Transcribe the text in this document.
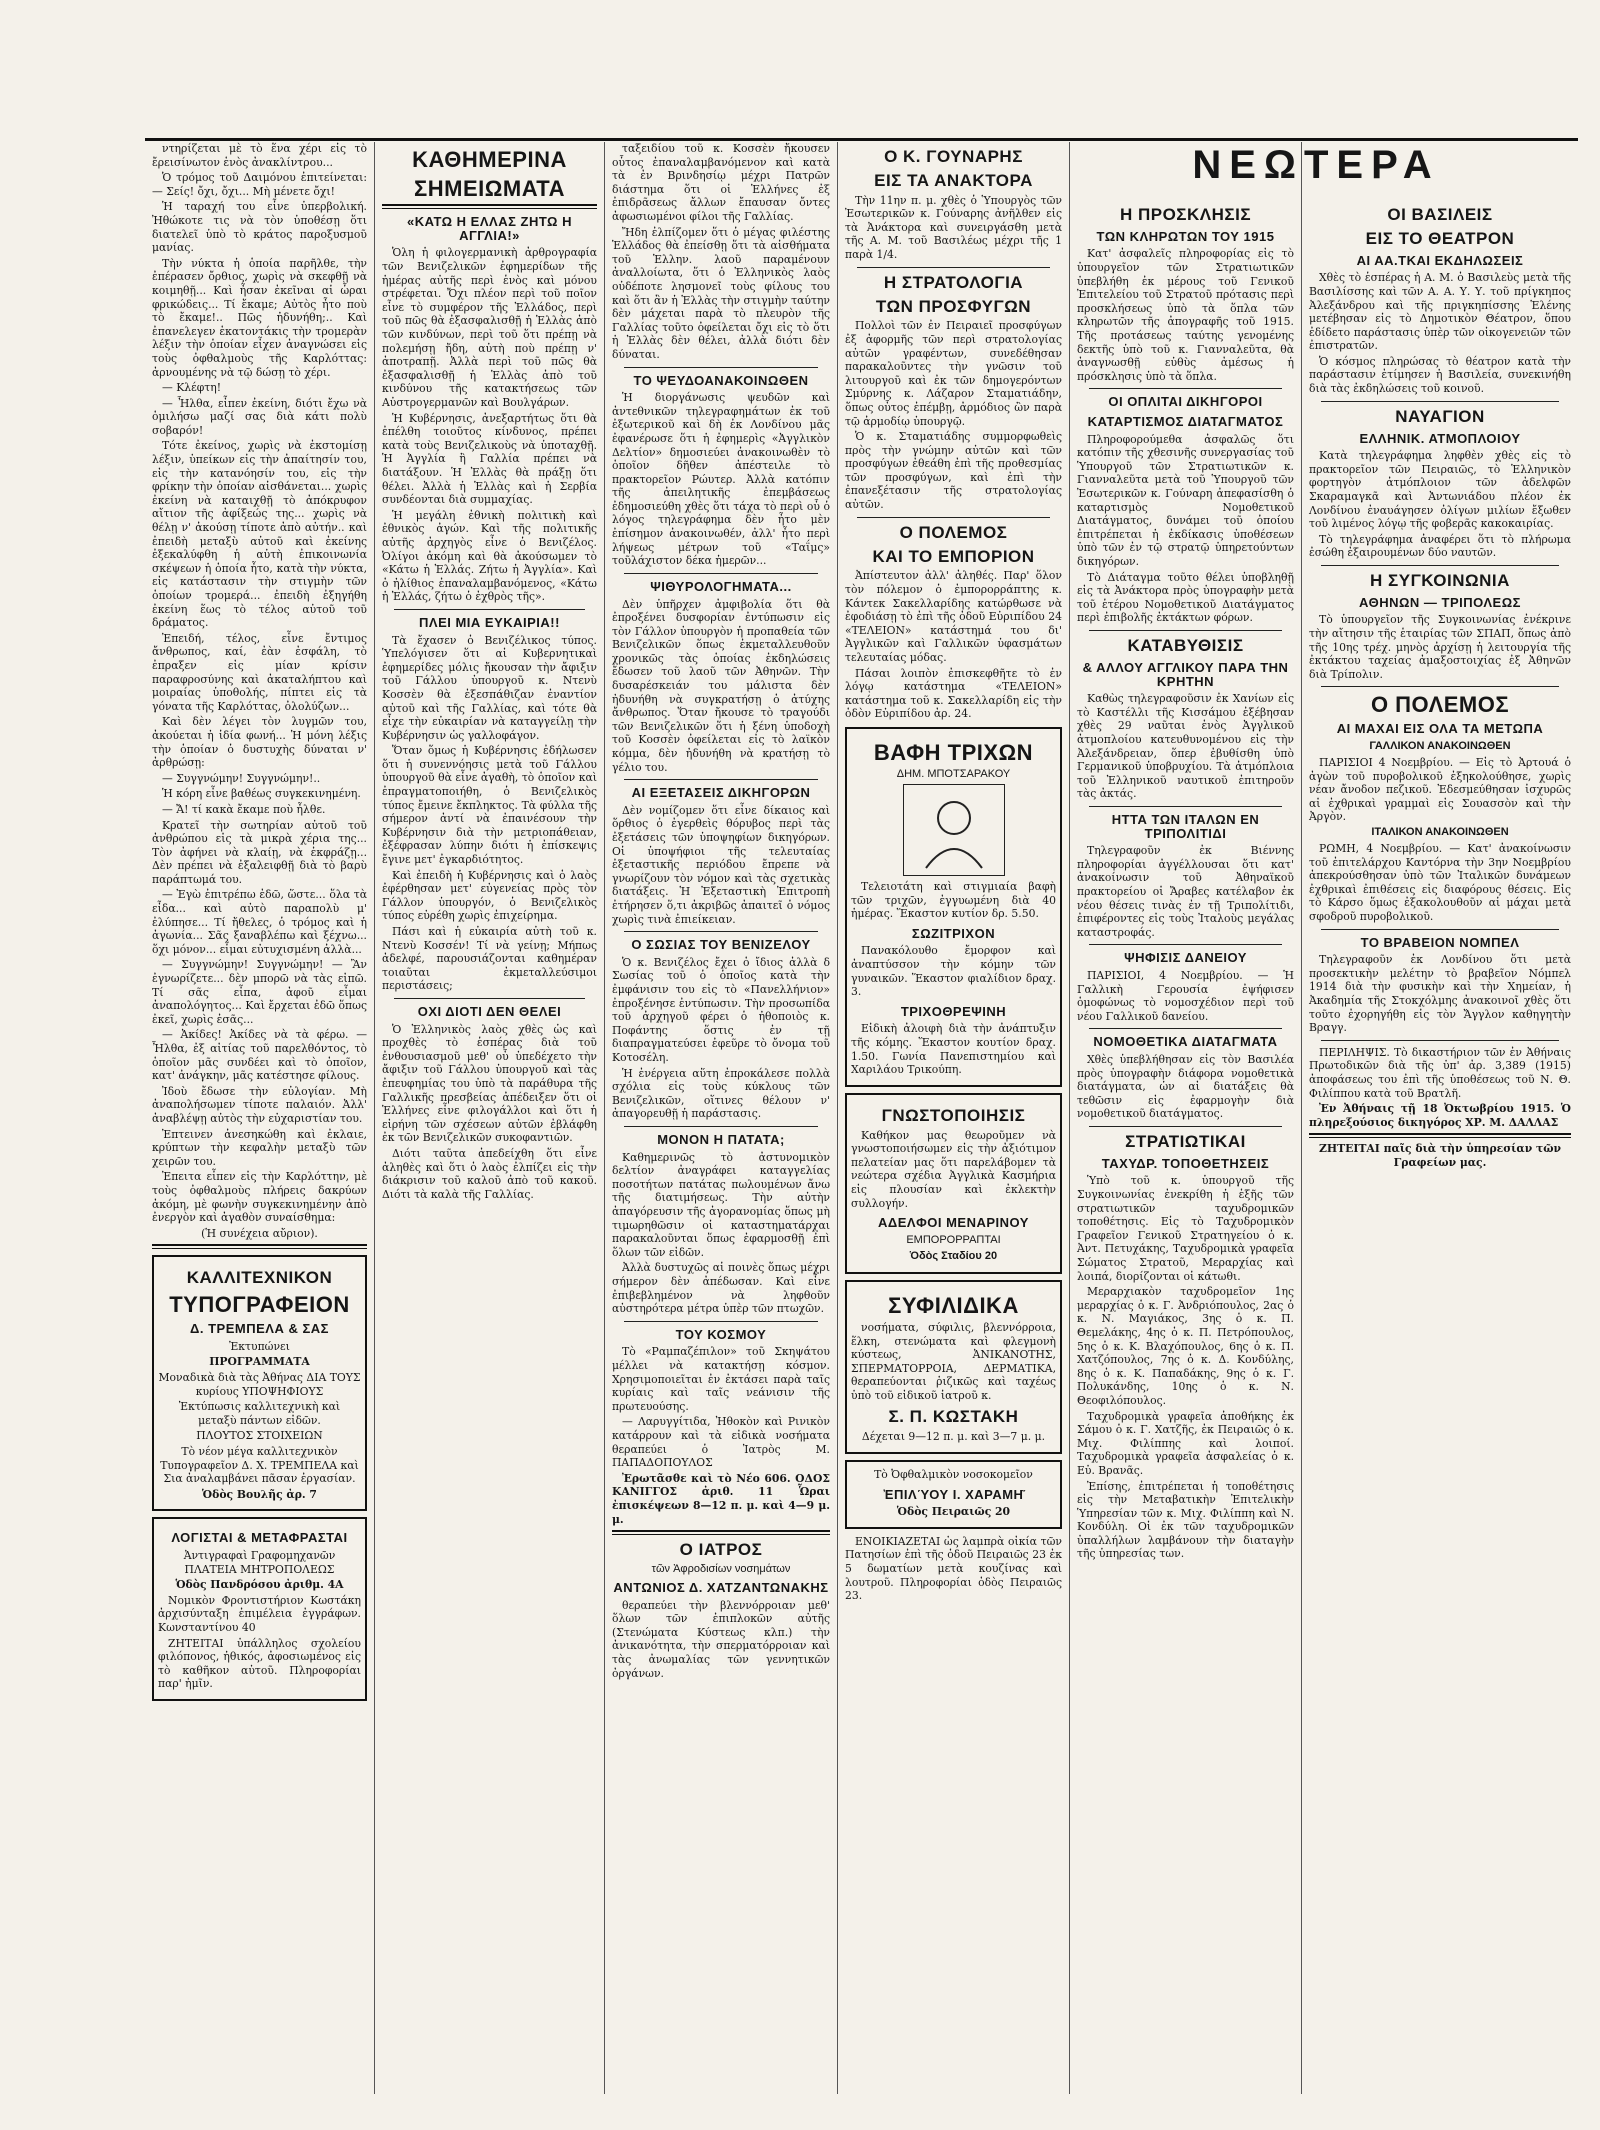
ΝΕΩΤΕΡΑ

ντηρίζεται μὲ τὸ ἕνα χέρι εἰς τὸ ἔρεισίνωτον ἑνὸς ἀνακλίντρου...

Ὁ τρόμος τοῦ Δαιμόνου ἐπιτείνεται: — Σείς! ὄχι, ὄχι... Μὴ μένετε ὄχι!

Ἡ ταραχή του εἶνε ὑπερβολική. Ἠθώκοτε τις νὰ τὸν ὑποθέσῃ ὅτι διατελεῖ ὑπὸ τὸ κράτος παροξυσμοῦ μανίας.

Τὴν νύκτα ἡ ὁποία παρῆλθε, τὴν ἐπέρασεν ὄρθιος, χωρὶς νὰ σκεφθῇ νὰ κοιμηθῇ... Καὶ ἦσαν ἐκεῖναι αἱ ὧραι φρικώδεις... Τί ἔκαμε; Αὐτὸς ἦτο ποὺ τὸ ἔκαμε!.. Πῶς ἠδυνήθη;.. Καὶ ἐπανελεγεν ἑκατοντάκις τὴν τρομερὰν λέξιν τὴν ὁποίαν εἶχεν ἀναγνώσει εἰς τοὺς ὀφθαλμοὺς τῆς Καρλόττας: ἀρνουμένης νὰ τῷ δώσῃ τὸ χέρι.

— Κλέφτη!

— Ἦλθα, εἶπεν ἐκείνη, διότι ἔχω νὰ ὁμιλήσω μαζί σας διὰ κάτι πολὺ σοβαρόν!

Τότε ἐκείνος, χωρὶς νὰ ἐκστομίσῃ λέξιν, ὑπείκων εἰς τὴν ἀπαίτησίν του, εἰς τὴν κατανόησίν του, εἰς τὴν φρίκην τὴν ὁποίαν αἰσθάνεται... χωρὶς ἐκείνη νὰ καταιχθῇ τὸ ἀπόκρυφον αἴτιον τῆς ἀφίξεώς της... χωρὶς νὰ θέλῃ ν' ἀκούσῃ τίποτε ἀπὸ αὐτήν.. καὶ ἐπειδὴ μεταξὺ αὐτοῦ καὶ ἐκείνης ἐξεκαλύφθη ἡ αὐτὴ ἐπικοινωνία σκέψεων ἡ ὁποία ἦτο, κατὰ τὴν νύκτα, εἰς κατάστασιν τὴν στιγμὴν τῶν ὁποίων τρομερά... ἐπειδὴ ἐξηγήθη ἐκείνη ἕως τὸ τέλος αὐτοῦ τοῦ δράματος.

Ἐπειδή, τέλος, εἶνε ἔντιμος ἄνθρωπος, καί, ἐὰν ἐσφάλη, τὸ ἐπραξεν εἰς μίαν κρίσιν παραφροσύνης καὶ ἀκαταλήπτου καὶ μοιραίας ὑποθολής, πίπτει εἰς τὰ γόνατα τῆς Καρλόττας, ὀλολύζων...

Καὶ δὲν λέγει τὸν λυγμῶν του, ἀκούεται ἡ ἰδία φωνή... Ἡ μόνη λέξις τὴν ὁποίαν ὁ δυστυχὴς δύναται ν' ἀρθρώσῃ:

— Συγγνώμην! Συγγνώμην!..

Ἡ κόρη εἶνε βαθέως συγκεκινημένη.

— Ἄ! τί κακὰ ἔκαμε ποὺ ἦλθε.

Κρατεῖ τὴν σωτηρίαν αὐτοῦ τοῦ ἀνθρώπου εἰς τὰ μικρὰ χέρια της... Τὸν ἀφήνει νὰ κλαίῃ, νὰ ἐκφράζῃ... Δὲν πρέπει νὰ ἐξαλειφθῇ διὰ τὸ βαρὺ παράπτωμά του.

— Ἐγὼ ἐπιτρέπω ἐδῶ, ὥστε... ὅλα τὰ εἶδα... καὶ αὐτὸ παραπολὺ μ' ἐλύπησε... Τί ἤθελες, ὁ τρόμος καὶ ἡ ἀγωνία... Σᾶς ξαναβλέπω καὶ ξέχνω... ὅχι μόνον... εἶμαι εὐτυχισμένη ἀλλὰ...

— Συγγνώμην! Συγγνώμην! — Ἂν ἐγνωρίζετε... δὲν μπορῶ νὰ τὰς εἰπῶ. Τί σᾶς εἶπα, ἀφοῦ εἶμαι ἀναπολόγητος... Καὶ ἔρχεται ἐδῶ ὅπως ἐκεῖ, χωρὶς ἐσᾶς...

— Ἀκίδες! Ἀκίδες νὰ τὰ φέρω. — Ἦλθα, ἐξ αἰτίας τοῦ παρελθόντος, τὸ ὁποῖον μᾶς συνδέει καὶ τὸ ὁποῖον, κατ' ἀνάγκην, μᾶς κατέστησε φίλους.

Ἰδοὺ ἔδωσε τὴν εὐλογίαν. Μὴ ἀναπολήσωμεν τίποτε παλαιόν. Ἀλλ' ἀναβλέψῃ αὐτὸς τὴν εὐχαριστίαν του.

Ἐπτεινεν ἀνεσηκώθη καὶ ἐκλαιε, κρύπτων τὴν κεφαλὴν μεταξὺ τῶν χειρῶν του.

Ἐπειτα εἶπεν εἰς τὴν Καρλόττην, μὲ τοὺς ὀφθαλμοὺς πλήρεις δακρύων ἀκόμη, μὲ φωνὴν συγκεκινημένην ἀπὸ ἐνεργὸν καὶ ἀγαθὸν συναίσθημα:

(Ἡ συνέχεια αὔριον).

ΚΑΛΛΙΤΕΧΝΙΚΟΝ
ΤΥΠΟΓΡΑΦΕΙΟΝ
Δ. ΤΡΕΜΠΕΛΑ & ΣΑΣ

Ἐκτυπώνει

ΠΡΟΓΡΑΜΜΑΤΑ

Μοναδικὰ διὰ τὰς Ἀθήνας ΔΙΑ ΤΟΥΣ κυρίους ΥΠΟΨΗΦΙΟΥΣ

Ἐκτύπωσις καλλιτεχνικὴ καὶ μεταξὺ πάντων εἰδῶν.

ΠΛΟΥΤΟΣ ΣΤΟΙΧΕΙΩΝ

Τὸ νέον μέγα καλλιτεχνικὸν Τυπογραφεῖον Δ. Χ. ΤΡΕΜΠΕΛΑ καὶ Σια ἀναλαμβάνει πᾶσαν ἐργασίαν.

Ὁδὸς Βουλῆς ἀρ. 7

ΛΟΓΙΣΤΑΙ & ΜΕΤΑΦΡΑΣΤΑΙ

Ἀντιγραφαὶ Γραφομηχανῶν ΠΛΑΤΕΙΑ ΜΗΤΡΟΠΟΛΕΩΣ

Ὁδὸς Πανδρόσου ἀριθμ. 4Α

Νομικὸν Φροντιστήριον Κωστάκη ἀρχισύνταξη ἐπιμέλεια ἐγγράφων. Κωνσταντίνου 40

ΖΗΤΕΙΤΑΙ ὑπάλληλος σχολείου φιλόπονος, ἠθικός, ἀφοσιωμένος εἰς τὸ καθῆκον αὐτοῦ. Πληροφορίαι παρ' ἡμῖν.

ΚΑΘΗΜΕΡΙΝΑ
ΣΗΜΕΙΩΜΑΤΑ
«ΚΑΤΩ Η ΕΛΛΑΣ ΖΗΤΩ Η ΑΓΓΛΙΑ!»

Ὁλη ἡ φιλογερμανικὴ ἀρθρογραφία τῶν Βενιζελικῶν ἐφημερίδων τῆς ἡμέρας αὐτῆς περὶ ἑνὸς καὶ μόνου στρέφεται. Ὄχι πλέον περὶ τοῦ ποῖον εἶνε τὸ συμφέρον τῆς Ἑλλάδος, περὶ τοῦ πῶς θὰ ἐξασφαλισθῇ ἡ Ἑλλὰς ἀπὸ τῶν κινδύνων, περὶ τοῦ ὅτι πρέπῃ νὰ πολεμήσῃ ἤδη, αὐτὴ ποὺ πρέπῃ ν' ἀποτραπῇ. Ἀλλὰ περὶ τοῦ πῶς θὰ ἐξασφαλισθῇ ἡ Ἑλλὰς ἀπὸ τοῦ κινδύνου τῆς κατακτήσεως τῶν Αὐστρογερμανῶν καὶ Βουλγάρων.

Ἡ Κυβέρνησις, ἀνεξαρτήτως ὅτι θὰ ἐπέλθη τοιοῦτος κίνδυνος, πρέπει κατὰ τοὺς Βενιζελικοὺς νὰ ὑποταχθῇ. Ἡ Ἀγγλία ἢ Γαλλία πρέπει νὰ διατάξουν. Ἡ Ἑλλὰς θὰ πράξῃ ὅτι θέλει. Ἀλλὰ ἡ Ἑλλὰς καὶ ἡ Σερβία συνδέονται διὰ συμμαχίας.

Ἡ μεγάλη ἐθνικὴ πολιτικὴ καὶ ἐθνικὸς ἀγών. Καὶ τῆς πολιτικῆς αὐτῆς ἀρχηγὸς εἶνε ὁ Βενιζέλος. Ὀλίγοι ἀκόμη καὶ θὰ ἀκούσωμεν τὸ «Κάτω ἡ Ἑλλάς. Ζήτω ἡ Ἀγγλία». Καὶ ὁ ἠλίθιος ἐπαναλαμβανόμενος, «Κάτω ἡ Ἑλλάς, ζήτω ὁ ἐχθρὸς τῆς».

ΠΛΕΙ ΜΙΑ ΕΥΚΑΙΡΙΑ!!

Τὰ ἔχασεν ὁ Βενιζέλικος τύπος. Ὑπελόγισεν ὅτι αἱ Κυβερνητικαὶ ἐφημερίδες μόλις ἤκουσαν τὴν ἄφιξιν τοῦ Γάλλου ὑπουργοῦ κ. Ντενὺ Κοσσὲν θὰ ἐξεσπάθιζαν ἐναντίον αὐτοῦ καὶ τῆς Γαλλίας, καὶ τότε θὰ εἶχε τὴν εὐκαιρίαν νὰ καταγγείλῃ τὴν Κυβέρνησιν ὡς γαλλοφάγον.

Ὅταν ὅμως ἡ Κυβέρνησις ἐδήλωσεν ὅτι ἡ συνεννόησις μετὰ τοῦ Γάλλου ὑπουργοῦ θὰ εἶνε ἀγαθὴ, τὸ ὁποῖον καὶ ἐπραγματοποιήθη, ὁ Βενιζελικὸς τύπος ἔμεινε ἔκπληκτος. Τὰ φύλλα τῆς σήμερον ἀντί νὰ ἐπαινέσουν τὴν Κυβέρνησιν διὰ τὴν μετριοπάθειαν, ἐξέφρασαν λύπην διότι ἡ ἐπίσκεψις ἔγινε μετ' ἐγκαρδιότητος.

Καὶ ἐπειδὴ ἡ Κυβέρνησις καὶ ὁ λαὸς ἐφέρθησαν μετ' εὐγενείας πρὸς τὸν Γάλλον ὑπουργόν, ὁ Βενιζελικὸς τύπος εὑρέθη χωρὶς ἐπιχείρημα.

Πάσι καὶ ἡ εὐκαιρία αὐτὴ τοῦ κ. Ντενὺ Κοσσέν! Τί νὰ γείνῃ; Μήπως ἀδελφέ, παρουσιάζονται καθημέραν τοιαῦται ἐκμεταλλεύσιμοι περιστάσεις;

ΟΧΙ ΔΙΟΤΙ ΔΕΝ ΘΕΛΕΙ

Ὁ Ἑλληνικὸς λαὸς χθὲς ὡς καὶ προχθὲς τὸ ἑσπέρας διὰ τοῦ ἐνθουσιασμοῦ μεθ' οὗ ὑπεδέχετο τὴν ἄφιξιν τοῦ Γάλλου ὑπουργοῦ καὶ τὰς ἐπευφημίας του ὑπὸ τὰ παράθυρα τῆς Γαλλικῆς πρεσβείας ἀπέδειξεν ὅτι οἱ Ἑλλήνες εἶνε φιλογάλλοι καὶ ὅτι ἡ εἰρήνη τῶν σχέσεων αὐτῶν ἐβλάφθη ἐκ τῶν Βενιζελικῶν συκοφαντιῶν.

Διότι ταῦτα ἀπεδείχθη ὅτι εἶνε ἀληθὲς καὶ ὅτι ὁ λαὸς ἐλπίζει εἰς τὴν διάκρισιν τοῦ καλοῦ ἀπὸ τοῦ κακοῦ. Διότι τὰ καλὰ τῆς Γαλλίας.

ταξειδίου τοῦ κ. Κοσσὲν ἤκουσεν οὗτος ἐπαναλαμβανόμενον καὶ κατὰ τὰ ἐν Βρινδησίῳ μέχρι Πατρῶν διάστημα ὅτι οἱ Ἑλλήνες ἐξ ἐπιδρᾶσεως ἄλλων ἔπαυσαν ὄντες ἀφωσιωμένοι φίλοι τῆς Γαλλίας.

Ἤδη ἐλπίζομεν ὅτι ὁ μέγας φιλέστης Ἑλλάδος θὰ ἐπείσθῃ ὅτι τὰ αἰσθήματα τοῦ Ἑλλην. λαοῦ παραμένουν ἀναλλοίωτα, ὅτι ὁ Ἑλληνικὸς λαὸς οὐδέποτε λησμονεῖ τοὺς φίλους του καὶ ὅτι ἂν ἡ Ἑλλὰς τὴν στιγμὴν ταύτην δὲν μάχεται παρὰ τὸ πλευρὸν τῆς Γαλλίας τοῦτο ὀφείλεται ὄχι εἰς τὸ ὅτι ἡ Ἑλλὰς δὲν θέλει, ἀλλὰ διότι δὲν δύναται.

ΤΟ ΨΕΥΔΟΑΝΑΚΟΙΝΩΘΕΝ

Ἡ διοργάνωσις ψευδῶν καὶ ἀντεθνικῶν τηλεγραφημάτων ἐκ τοῦ ἐξωτερικοῦ καὶ δὴ ἐκ Λονδίνου μᾶς ἐφανέρωσε ὅτι ἡ ἐφημερὶς «Ἀγγλικὸν Δελτίον» δημοσιεύει ἀνακοινωθὲν τὸ ὁποῖον δῆθεν ἀπέστειλε τὸ πρακτορεῖον Ρώυτερ. Ἀλλὰ κατόπιν τῆς ἀπειλητικῆς ἐπεμβάσεως ἐδημοσιεύθη χθὲς ὅτι τάχα τὸ περὶ οὗ ὁ λόγος τηλεγράφημα δὲν ἦτο μὲν ἐπίσημον ἀνακοινωθέν, ἀλλ' ἦτο περὶ λήψεως μέτρων τοῦ «Ταΐμς» τοῦλάχιστον δέκα ἡμερῶν...

ΨΙΘΥΡΟΛΟΓΗΜΑΤΑ...

Δὲν ὑπῆρχεν ἀμφιβολία ὅτι θὰ ἐπροξένει δυσφορίαν ἐντύπωσιν εἰς τὸν Γάλλον ὑπουργὸν ἡ προπαθεία τῶν Βενιζελικῶν ὅπως ἐκμεταλλευθοῦν χρονικῶς τὰς ὁποίας ἐκδηλώσεις ἔδωσεν τοῦ λαοῦ τῶν Ἀθηνῶν. Τὴν δυσαρέσκειάν του μάλιστα δὲν ἠδυνήθη νὰ συγκρατήσῃ ὁ ἀτύχης ἄνθρωπος. Ὅταν ἤκουσε τὸ τραγούδι τῶν Βενιζελικῶν ὅτι ἡ ξένη ὑποδοχὴ τοῦ Κοσσὲν ὀφείλεται εἰς τὸ λαϊκὸν κόμμα, δὲν ἠδυνήθη νὰ κρατήσῃ τὸ γέλιο του.

ΑΙ ΕΞΕΤΑΣΕΙΣ ΔΙΚΗΓΟΡΩΝ

Δὲν νομίζομεν ὅτι εἶνε δίκαιος καὶ ὅρθιος ὁ ἐγερθεὶς θόρυβος περὶ τὰς ἐξετάσεις τῶν ὑποψηφίων δικηγόρων. Οἱ ὑποψήφιοι τῆς τελευταίας ἐξεταστικῆς περιόδου ἔπρεπε νὰ γνωρίζουν τὸν νόμον καὶ τὰς σχετικὰς διατάξεις. Ἡ Ἐξεταστικὴ Ἐπιτροπὴ ἐτήρησεν ὅ,τι ἀκριβῶς ἀπαιτεῖ ὁ νόμος χωρὶς τινὰ ἐπιείκειαν.

Ο ΣΩΣΙΑΣ ΤΟΥ ΒΕΝΙΖΕΛΟΥ

Ὁ κ. Βενιζέλος ἔχει ὁ ἴδιος ἀλλὰ δ Σωσίας τοῦ ὁ ὁποῖος κατὰ τὴν ἐμφάνισιν του εἰς τὸ «Πανελλήνιον» ἐπροξένησε ἐντύπωσιν. Τὴν προσωπίδα τοῦ ἀρχηγοῦ φέρει ὁ ἠθοποιὸς κ. Ποφάντης ὅστις ἐν τῇ διαπραγματεύσει ἐφεῦρε τὸ ὄνομα τοῦ Κοτοσέλη.

Ἡ ἐνέργεια αὕτη ἐπροκάλεσε πολλὰ σχόλια εἰς τοὺς κύκλους τῶν Βενιζελικῶν, οἵτινες θέλουν ν' ἀπαγορευθῇ ἡ παράστασις.

ΜΟΝΟΝ Η ΠΑΤΑΤΑ;

Καθημερινῶς τὸ ἀστυνομικὸν δελτίον ἀναγράφει καταγγελίας ποσοτήτων πατάτας πωλουμένων ἄνω τῆς διατιμήσεως. Τὴν αὐτὴν ἀπαγόρευσιν τῆς ἀγορανομίας ὅπως μὴ τιμωρηθῶσιν οἱ καταστηματάρχαι παρακαλοῦνται ὅπως ἐφαρμοσθῇ ἐπὶ ὅλων τῶν εἰδῶν.

Ἀλλὰ δυστυχῶς αἱ ποινὲς ὅπως μέχρι σήμερον δὲν ἀπέδωσαν. Καὶ εἶνε ἐπιβεβλημένον νὰ ληφθοῦν αὐστηρότερα μέτρα ὑπὲρ τῶν πτωχῶν.

ΤΟΥ ΚΟΣΜΟΥ

Τὸ «Ραμπαζέπιλον» τοῦ Σκηψάτου μέλλει νὰ κατακτήσῃ κόσμον. Χρησιμοποιεῖται ἐν ἐκτάσει παρὰ ταῖς κυρίαις καὶ ταῖς νεάνισιν τῆς πρωτευούσης.

— Λαρυγγίτιδα, Ἠθοκὸν καὶ Ρινικὸν κατάρρουν καὶ τὰ εἰδικὰ νοσήματα θεραπεύει ὁ Ἰατρὸς Μ. ΠΑΠΑΔΟΠΟΥΛΟΣ

Ἐρωτᾶσθε καὶ τὸ Νέο 606. ΟΔΟΣ ΚΑΝΙΓΓΟΣ ἀριθ. 11 Ὧραι ἐπισκέψεων 8—12 π. μ. καὶ 4—9 μ. μ.

Ο ΙΑΤΡΟΣ
τῶν Ἀφροδισίων νοσημάτων
ΑΝΤΩΝΙΟΣ Δ. ΧΑΤΖΑΝΤΩΝΑΚΗΣ

θεραπεύει τὴν βλεννόρροιαν μεθ' ὅλων τῶν ἐπιπλοκῶν αὐτῆς (Στενώματα Κύστεως κλπ.) τὴν ἀνικανότητα, τὴν σπερματόρροιαν καὶ τὰς ἀνωμαλίας τῶν γεννητικῶν ὀργάνων.

Ο Κ. ΓΟΥΝΑΡΗΣ
ΕΙΣ ΤΑ ΑΝΑΚΤΟΡΑ

Τὴν 11ην π. μ. χθὲς ὁ Ὑπουργὸς τῶν Ἐσωτερικῶν κ. Γούναρης ἀνῆλθεν εἰς τὰ Ἀνάκτορα καὶ συνειργάσθη μετὰ τῆς Α. Μ. τοῦ Βασιλέως μέχρι τῆς 1 παρὰ 1/4.

Η ΣΤΡΑΤΟΛΟΓΙΑ
ΤΩΝ ΠΡΟΣΦΥΓΩΝ

Πολλοὶ τῶν ἐν Πειραιεῖ προσφύγων ἐξ ἀφορμῆς τῶν περὶ στρατολογίας αὐτῶν γραφέντων, συνεδέθησαν παρακαλοῦντες τὴν γνῶσιν τοῦ λιτουργοῦ καὶ ἐκ τῶν δημογερόντων Σμύρνης κ. Λάζαρον Σταματιάδην, ὅπως οὗτος ἐπέμβῃ, ἀρμόδιος ὢν παρὰ τῷ ἀρμοδίῳ ὑπουργῷ.

Ὁ κ. Σταματιάδης συμμορφωθεὶς πρὸς τὴν γνώμην αὐτῶν καὶ τῶν προσφύγων ἐθεάθη ἐπὶ τῆς προθεσμίας τῶν προσφύγων, καὶ ἐπὶ τὴν ἐπανεξέτασιν τῆς στρατολογίας αὐτῶν.

Ο ΠΟΛΕΜΟΣ
ΚΑΙ ΤΟ ΕΜΠΟΡΙΟΝ

Ἀπίστευτον ἀλλ' ἀληθές. Παρ' ὅλον τὸν πόλεμον ὁ ἐμπορορράπτης κ. Κάντεκ Σακελλαρίδης κατώρθωσε νὰ ἐφοδιάσῃ τὸ ἐπὶ τῆς ὁδοῦ Εὐριπίδου 24 «ΤΕΛΕΙΟΝ» κατάστημά του δι' Ἀγγλικῶν καὶ Γαλλικῶν ὑφασμάτων τελευταίας μόδας.

Πάσαι λοιπὸν ἐπισκεφθῆτε τὸ ἐν λόγῳ κατάστημα «ΤΕΛΕΙΟΝ» κατάστημα τοῦ κ. Σακελλαρίδη εἰς τὴν ὁδὸν Εὐριπίδου ἀρ. 24.

ΒΑΦΗ ΤΡΙΧΩΝ
ΔΗΜ. ΜΠΟΤΣΑΡΑΚΟΥ

Τελειοτάτη καὶ στιγμιαία βαφὴ τῶν τριχῶν, ἐγγυωμένη διὰ 40 ἡμέρας. Ἕκαστον κυτίον δρ. 5.50.

ΣΩΖΙΤΡΙΧΟΝ

Πανακόλουθο ἔμορφον καὶ ἀναπτύσσον τὴν κόμην τῶν γυναικῶν. Ἕκαστον φιαλίδιον δραχ. 3.

ΤΡΙΧΟΘΡΕΨΙΝΗ

Εἰδικὴ ἀλοιφὴ διὰ τὴν ἀνάπτυξιν τῆς κόμης. Ἕκαστον κουτίον δραχ. 1.50. Γωνία Πανεπιστημίου καὶ Χαριλάου Τρικούπη.

ΓΝΩΣΤΟΠΟΙΗΣΙΣ

Καθήκον μας θεωροῦμεν νὰ γνωστοποιήσωμεν εἰς τὴν ἀξιότιμον πελατείαν μας ὅτι παρελάβομεν τὰ νεώτερα σχέδια Ἀγγλικὰ Κασμήρια εἰς πλουσίαν καὶ ἐκλεκτὴν συλλογήν.

ΑΔΕΛΦΟΙ ΜΕΝΑΡΙΝΟΥ
ΕΜΠΟΡΟΡΡΑΠΤΑΙ
Ὁδὸς Σταδίου 20
ΣΥΦΙΛΙΔΙΚΑ

νοσήματα, σύφιλις, βλεννόρροια, ἕλκη, στενώματα καὶ φλεγμονὴ κύστεως, ἈΝΙΚΑΝΟΤΗΣ, ΣΠΕΡΜΑΤΟΡΡΟΙΑ, ΔΕΡΜΑΤΙΚΑ, θεραπεύονται ῥιζικῶς καὶ ταχέως ὑπὸ τοῦ εἰδικοῦ ἰατροῦ κ.

Σ. Π. ΚΩΣΤΑΚΗ

Δέχεται 9—12 π. μ. καὶ 3—7 μ. μ.

Τὸ Ὀφθαλμικὸν νοσοκομεῖον

ἘΠΙΛΎΟΥ Ι. ΧΑΡΑΜΗ͂

Ὁδὸς Πειραιῶς 20

ΕΝΟΙΚΙΑΖΕΤΑΙ ὡς λαμπρὰ οἰκία τῶν Πατησίων ἐπὶ τῆς ὁδοῦ Πειραιῶς 23 ἐκ 5 δωματίων μετὰ κουζίνας καὶ λουτροῦ. Πληροφορίαι ὁδὸς Πειραιῶς 23.

Η ΠΡΟΣΚΛΗΣΙΣ
ΤΩΝ ΚΛΗΡΩΤΩΝ ΤΟΥ 1915

Κατ' ἀσφαλεῖς πληροφορίας εἰς τὸ ὑπουργεῖον τῶν Στρατιωτικῶν ὑπεβλήθη ἐκ μέρους τοῦ Γενικοῦ Ἐπιτελείου τοῦ Στρατοῦ πρότασις περὶ προσκλήσεως ὑπὸ τὰ ὅπλα τῶν κληρωτῶν τῆς ἀπογραφῆς τοῦ 1915. Τῆς προτάσεως ταύτης γενομένης δεκτῆς ὑπὸ τοῦ κ. Γιανναλεῦτα, θὰ ἀναγνωσθῇ εὐθὺς ἀμέσως ἡ πρόσκλησις ὑπὸ τὰ ὅπλα.

ΟΙ ΟΠΛΙΤΑΙ ΔΙΚΗΓΟΡΟΙ
ΚΑΤΑΡΤΙΣΜΟΣ ΔΙΑΤΑΓΜΑΤΟΣ

Πληροφορούμεθα ἀσφαλῶς ὅτι κατόπιν τῆς χθεσινῆς συνεργασίας τοῦ Ὑπουργοῦ τῶν Στρατιωτικῶν κ. Γιανναλεῦτα μετὰ τοῦ Ὑπουργοῦ τῶν Ἐσωτερικῶν κ. Γούναρη ἀπεφασίσθη ὁ καταρτισμὸς Νομοθετικοῦ Διατάγματος, δυνάμει τοῦ ὁποίου ἐπιτρέπεται ἡ ἐκδίκασις ὑποθέσεων ὑπὸ τῶν ἐν τῷ στρατῷ ὑπηρετούντων δικηγόρων.

Τὸ Διάταγμα τοῦτο θέλει ὑποβληθῇ εἰς τὰ Ἀνάκτορα πρὸς ὑπογραφὴν μετὰ τοῦ ἑτέρου Νομοθετικοῦ Διατάγματος περὶ ἐπιβολῆς ἐκτάκτων φόρων.

ΚΑΤΑΒΥΘΙΣΙΣ
& ΑΛΛΟΥ ΑΓΓΛΙΚΟΥ ΠΑΡΑ ΤΗΝ ΚΡΗΤΗΝ

Καθὼς τηλεγραφοῦσιν ἐκ Χανίων εἰς τὸ Καστέλλι τῆς Κισσάμου ἐξέβησαν χθὲς 29 ναῦται ἑνὸς Ἀγγλικοῦ ἀτμοπλοίου κατευθυνομένου εἰς τὴν Ἀλεξάνδρειαν, ὅπερ ἐβυθίσθη ὑπὸ Γερμανικοῦ ὑποβρυχίου. Τὰ ἀτμόπλοια τοῦ Ἑλληνικοῦ ναυτικοῦ ἐπιτηροῦν τὰς ἀκτάς.

ΗΤΤΑ ΤΩΝ ΙΤΑΛΩΝ ΕΝ ΤΡΙΠΟΛΙΤΙΔΙ

Τηλεγραφοῦν ἐκ Βιέννης πληροφορίαι ἀγγέλλουσαι ὅτι κατ' ἀνακοίνωσιν τοῦ Ἀθηναϊκοῦ πρακτορείου οἱ Ἄραβες κατέλαβον ἐκ νέου θέσεις τινὰς ἐν τῇ Τριπολίτιδι, ἐπιφέροντες εἰς τοὺς Ἰταλοὺς μεγάλας καταστροφάς.

ΨΗΦΙΣΙΣ ΔΑΝΕΙΟΥ

ΠΑΡΙΣΙΟΙ, 4 Νοεμβρίου. — Ἡ Γαλλικὴ Γερουσία ἐψήφισεν ὁμοφώνως τὸ νομοσχέδιον περὶ τοῦ νέου Γαλλικοῦ δανείου.

ΝΟΜΟΘΕΤΙΚΑ ΔΙΑΤΑΓΜΑΤΑ

Χθὲς ὑπεβλήθησαν εἰς τὸν Βασιλέα πρὸς ὑπογραφὴν διάφορα νομοθετικὰ διατάγματα, ὡν αἱ διατάξεις θὰ τεθῶσιν εἰς ἐφαρμογὴν διὰ νομοθετικοῦ διατάγματος.

ΣΤΡΑΤΙΩΤΙΚΑΙ
ΤΑΧΥΔΡ. ΤΟΠΟΘΕΤΗΣΕΙΣ

Ὑπὸ τοῦ κ. ὑπουργοῦ τῆς Συγκοινωνίας ἐνεκρίθη ἡ ἑξῆς τῶν στρατιωτικῶν ταχυδρομικῶν τοποθέτησις. Εἰς τὸ Ταχυδρομικὸν Γραφεῖον Γενικοῦ Στρατηγείου ὁ κ. Ἀντ. Πετυχάκης, Ταχυδρομικὰ γραφεῖα Σώματος Στρατοῦ, Μεραρχίας καὶ λοιπά, διορίζονται οἱ κάτωθι.

Μεραρχιακὸν ταχυδρομεῖον 1ης μεραρχίας ὁ κ. Γ. Ἀνδριόπουλος, 2ας ὁ κ. Ν. Μαγιάκος, 3ης ὁ κ. Π. Θεμελάκης, 4ης ὁ κ. Π. Πετρόπουλος, 5ης ὁ κ. Κ. Βλαχόπουλος, 6ης ὁ κ. Π. Χατζόπουλος, 7ης ὁ κ. Δ. Κονδύλης, 8ης ὁ κ. Κ. Παπαδάκης, 9ης ὁ κ. Γ. Πολυκάνδης, 10ης ὁ κ. Ν. Θεοφιλόπουλος.

Ταχυδρομικὰ γραφεῖα ἀποθήκης ἐκ Σάμου ὁ κ. Γ. Χατζῆς, ἐκ Πειραιῶς ὁ κ. Μιχ. Φιλίππης καὶ λοιποί. Ταχυδρομικὰ γραφεῖα ἀσφαλείας ὁ κ. Εὐ. Βρανᾶς.

Ἐπίσης, ἐπιτρέπεται ἡ τοποθέτησις εἰς τὴν Μεταβατικὴν Ἐπιτελικὴν Ὑπηρεσίαν τῶν κ. Μιχ. Φιλίππη καὶ Ν. Κονδύλη. Οἱ ἐκ τῶν ταχυδρομικῶν ὑπαλλήλων λαμβάνουν τὴν διαταγὴν τῆς ὑπηρεσίας των.

ΟΙ ΒΑΣΙΛΕΙΣ
ΕΙΣ ΤΟ ΘΕΑΤΡΟΝ
ΑΙ ΑΑ.ΤΚΑΙ ΕΚΔΗΛΩΣΕΙΣ

Χθὲς τὸ ἑσπέρας ἡ Α. Μ. ὁ Βασιλεὺς μετὰ τῆς Βασιλίσσης καὶ τῶν Α. Α. Υ. Υ. τοῦ πρίγκηπος Ἀλεξάνδρου καὶ τῆς πριγκηπίσσης Ἑλένης μετέβησαν εἰς τὸ Δημοτικὸν Θέατρον, ὅπου ἐδίδετο παράστασις ὑπὲρ τῶν οἰκογενειῶν τῶν ἐπιστρατῶν.

Ὁ κόσμος πληρώσας τὸ θέατρον κατὰ τὴν παράστασιν ἐτίμησεν ἡ Βασιλεία, συνεκινήθη διὰ τὰς ἐκδηλώσεις τοῦ κοινοῦ.

ΝΑΥΑΓΙΟΝ
ΕΛΛΗΝΙΚ. ΑΤΜΟΠΛΟΙΟΥ

Κατὰ τηλεγράφημα ληφθὲν χθὲς εἰς τὸ πρακτορεῖον τῶν Πειραιῶς, τὸ Ἑλληνικὸν φορτηγὸν ἀτμόπλοιον τῶν ἀδελφῶν Σκαραμαγκᾶ καὶ Ἀντωνιάδου πλέον ἐκ Λονδίνου ἐναυάγησεν ὀλίγων μιλίων ἔξωθεν τοῦ λιμένος λόγῳ τῆς φοβερᾶς κακοκαιρίας.

Τὸ τηλεγράφημα ἀναφέρει ὅτι τὸ πλήρωμα ἐσώθη ἐξαιρουμένων δύο ναυτῶν.

Η ΣΥΓΚΟΙΝΩΝΙΑ
ΑΘΗΝΩΝ — ΤΡΙΠΟΛΕΩΣ

Τὸ ὑπουργεῖον τῆς Συγκοινωνίας ἐνέκρινε τὴν αἴτησιν τῆς ἑταιρίας τῶν ΣΠΑΠ, ὅπως ἀπὸ τῆς 10ης τρέχ. μηνὸς ἀρχίσῃ ἡ λειτουργία τῆς ἐκτάκτου ταχείας ἀμαξοστοιχίας ἐξ Ἀθηνῶν διὰ Τρίπολιν.

Ο ΠΟΛΕΜΟΣ
ΑΙ ΜΑΧΑΙ ΕΙΣ ΟΛΑ ΤΑ ΜΕΤΩΠΑ
ΓΑΛΛΙΚΟΝ ΑΝΑΚΟΙΝΩΘΕΝ

ΠΑΡΙΣΙΟΙ 4 Νοεμβρίου. — Εἰς τὸ Ἀρτουά ὁ ἀγὼν τοῦ πυροβολικοῦ ἐξηκολούθησε, χωρὶς νέαν ἄνοδον πεζικοῦ. Ἐδεσμεύθησαν ἰσχυρῶς αἱ ἐχθρικαὶ γραμμαὶ εἰς Σουασσὸν καὶ τὴν Ἀργὸν.

ΙΤΑΛΙΚΟΝ ΑΝΑΚΟΙΝΩΘΕΝ

ΡΩΜΗ, 4 Νοεμβρίου. — Κατ' ἀνακοίνωσιν τοῦ ἐπιτελάρχου Καντόρνα τὴν 3ην Νοεμβρίου ἀπεκρούσθησαν ὑπὸ τῶν Ἰταλικῶν δυνάμεων ἐχθρικαὶ ἐπιθέσεις εἰς διαφόρους θέσεις. Εἰς τὸ Κάρσο ὅμως ἐξακολουθοῦν αἱ μάχαι μετὰ σφοδροῦ πυροβολικοῦ.

ΤΟ ΒΡΑΒΕΙΟΝ ΝΟΜΠΕΛ

Τηλεγραφοῦν ἐκ Λονδίνου ὅτι μετὰ προσεκτικὴν μελέτην τὸ βραβεῖον Νόμπελ 1914 διὰ τὴν φυσικὴν καὶ τὴν Χημείαν, ἡ Ἀκαδημία τῆς Στοκχόλμης ἀνακοινοῖ χθὲς ὅτι τοῦτο ἐχορηγήθη εἰς τὸν Ἄγγλον καθηγητὴν Βραγγ.

ΠΕΡΙΛΗΨΙΣ. Τὸ δικαστήριον τῶν ἐν Ἀθήναις Πρωτοδικῶν διὰ τῆς ὑπ' ἀρ. 3,389 (1915) ἀποφάσεως του ἐπὶ τῆς ὑποθέσεως τοῦ Ν. Θ. Φιλίππου κατὰ τοῦ Βρατλῆ.

Ἐν Ἀθήναις τῇ 18 Ὀκτωβρίου 1915. Ὁ πληρεξούσιος δικηγόρος ΧΡ. Μ. ΔΑΛΛΑΣ

ΖΗΤΕΙΤΑΙ παῖς διὰ τὴν ὑπηρεσίαν τῶν Γραφείων μας.
